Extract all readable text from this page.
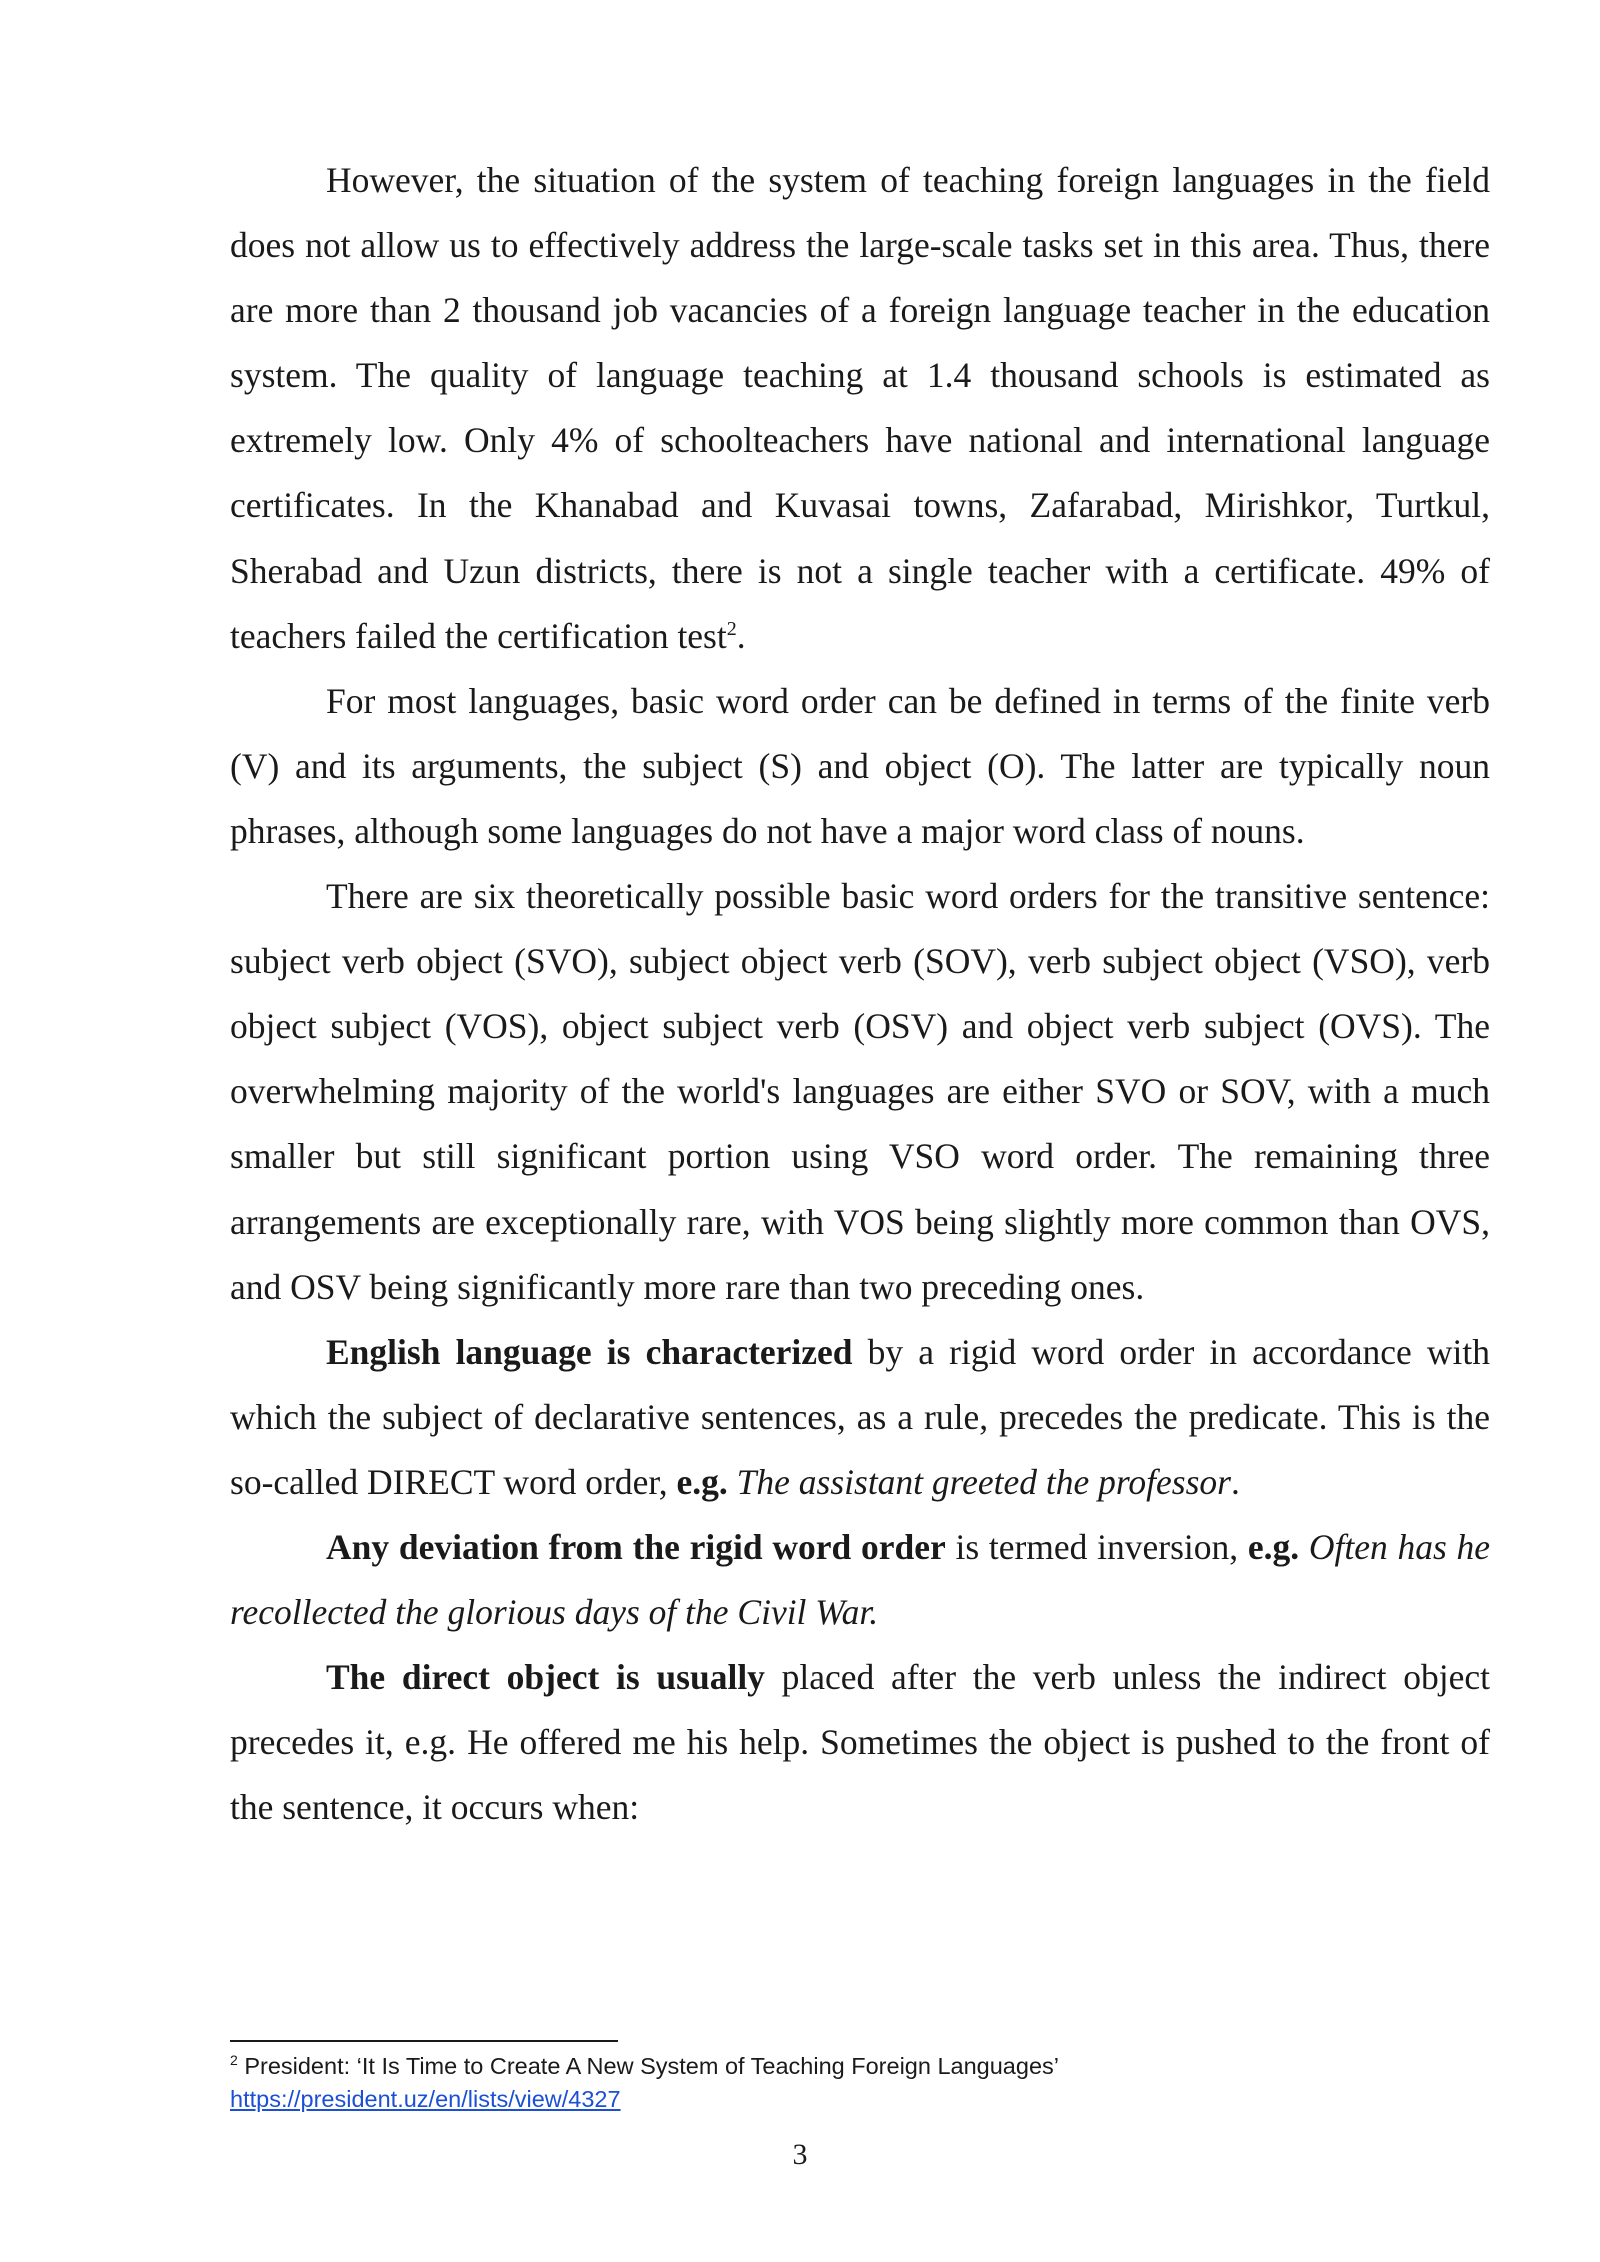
However, the situation of the system of teaching foreign languages in the field does not allow us to effectively address the large-scale tasks set in this area. Thus, there are more than 2 thousand job vacancies of a foreign language teacher in the education system. The quality of language teaching at 1.4 thousand schools is estimated as extremely low. Only 4% of schoolteachers have national and international language certificates. In the Khanabad and Kuvasai towns, Zafarabad, Mirishkor, Turtkul, Sherabad and Uzun districts, there is not a single teacher with a certificate. 49% of teachers failed the certification test$^2$.

For most languages, basic word order can be defined in terms of the finite verb (V) and its arguments, the subject (S) and object (O). The latter are typically noun phrases, although some languages do not have a major word class of nouns.

There are six theoretically possible basic word orders for the transitive sentence: subject verb object (SVO), subject object verb (SOV), verb subject object (VSO), verb object subject (VOS), object subject verb (OSV) and object verb subject (OVS). The overwhelming majority of the world's languages are either SVO or SOV, with a much smaller but still significant portion using VSO word order. The remaining three arrangements are exceptionally rare, with VOS being slightly more common than OVS, and OSV being significantly more rare than two preceding ones.

English language is characterized by a rigid word order in accordance with which the subject of declarative sentences, as a rule, precedes the predicate. This is the so-called DIRECT word order, e.g. The assistant greeted the professor.

Any deviation from the rigid word order is termed inversion, e.g. Often has he recollected the glorious days of the Civil War.

The direct object is usually placed after the verb unless the indirect object precedes it, e.g. He offered me his help. Sometimes the object is pushed to the front of the sentence, it occurs when:

$^2$ President: ‘It Is Time to Create A New System of Teaching Foreign Languages’
https://president.uz/en/lists/view/4327
3
